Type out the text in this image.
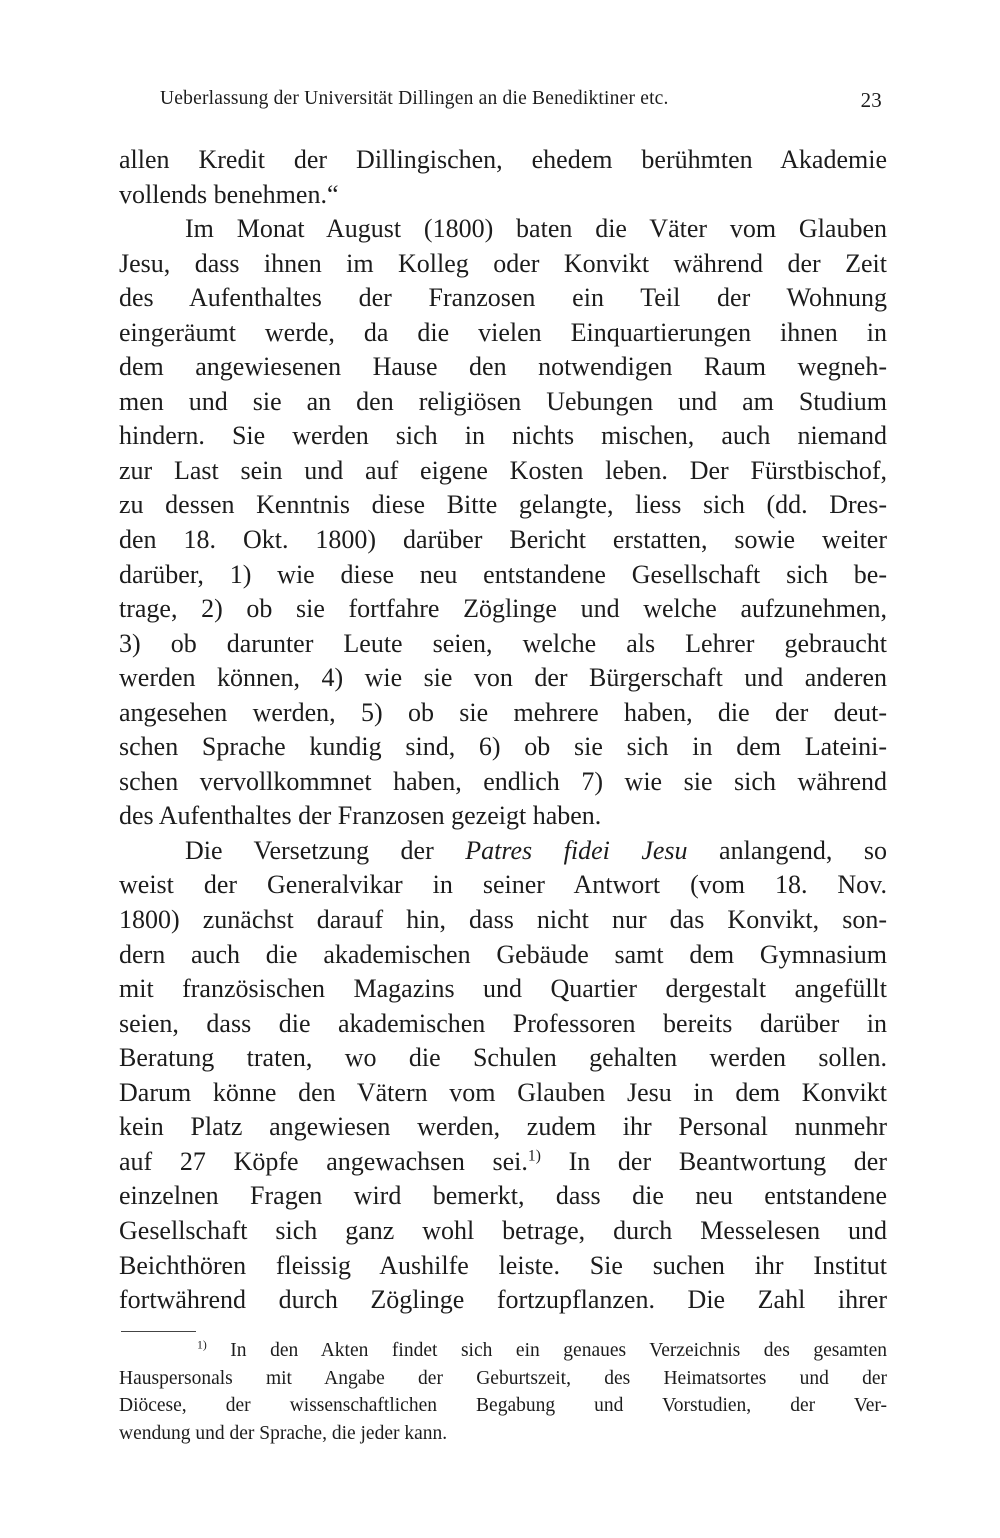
Ueberlassung der Universität Dillingen an die Benediktiner etc.	23
allen Kredit der Dillingischen, ehedem berühmten Akademie
vollends benehmen.“
Im Monat August (1800) baten die Väter vom Glauben
Jesu, dass ihnen im Kolleg oder Konvikt während der Zeit
des Aufenthaltes der Franzosen ein Teil der Wohnung
eingeräumt werde, da die vielen Einquartierungen ihnen in
dem angewiesenen Hause den notwendigen Raum wegneh-
men und sie an den religiösen Uebungen und am Studium
hindern. Sie werden sich in nichts mischen, auch niemand
zur Last sein und auf eigene Kosten leben. Der Fürstbischof,
zu dessen Kenntnis diese Bitte gelangte, liess sich (dd. Dres-
den 18. Okt. 1800) darüber Bericht erstatten, sowie weiter
darüber, 1) wie diese neu entstandene Gesellschaft sich be-
trage, 2) ob sie fortfahre Zöglinge und welche aufzunehmen,
3) ob darunter Leute seien, welche als Lehrer gebraucht
werden können, 4) wie sie von der Bürgerschaft und anderen
angesehen werden, 5) ob sie mehrere haben, die der deut-
schen Sprache kundig sind, 6) ob sie sich in dem Lateini-
schen vervollkommnet haben, endlich 7) wie sie sich während
des Aufenthaltes der Franzosen gezeigt haben.
Die Versetzung der Patres fidei Jesu anlangend, so
weist der Generalvikar in seiner Antwort (vom 18. Nov.
1800) zunächst darauf hin, dass nicht nur das Konvikt, son-
dern auch die akademischen Gebäude samt dem Gymnasium
mit französischen Magazins und Quartier dergestalt angefüllt
seien, dass die akademischen Professoren bereits darüber in
Beratung traten, wo die Schulen gehalten werden sollen.
Darum könne den Vätern vom Glauben Jesu in dem Konvikt
kein Platz angewiesen werden, zudem ihr Personal nunmehr
auf 27 Köpfe angewachsen sei.$^{1)}$ In der Beantwortung der
einzelnen Fragen wird bemerkt, dass die neu entstandene
Gesellschaft sich ganz wohl betrage, durch Messelesen und
Beichthören fleissig Aushilfe leiste. Sie suchen ihr Institut
fortwährend durch Zöglinge fortzupflanzen. Die Zahl ihrer
$^{1)}$ In den Akten findet sich ein genaues Verzeichnis des gesamten
Hauspersonals mit Angabe der Geburtszeit, des Heimatsortes und der
Diöcese, der wissenschaftlichen Begabung und Vorstudien, der Ver-
wendung und der Sprache, die jeder kann.
